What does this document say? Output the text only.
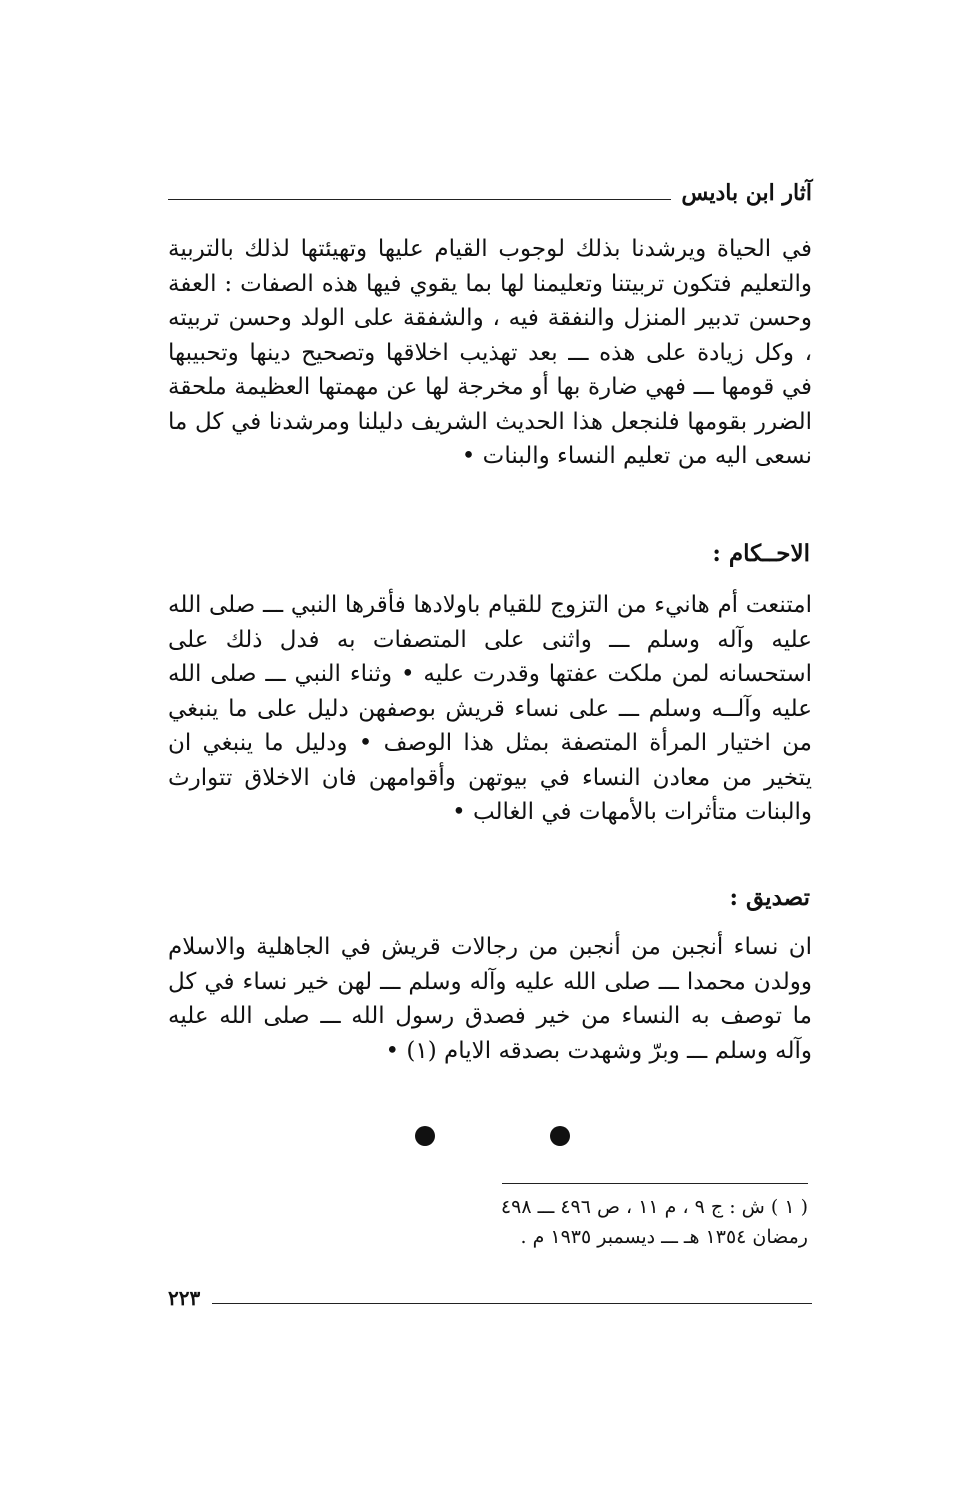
آثار ابن باديس

في الحياة ويرشدنا بذلك لوجوب القيام عليها وتهيئتها لذلك بالتربية والتعليم فتكون تربيتنا وتعليمنا لها بما يقوي فيها هذه الصفات : العفة وحسن تدبير المنزل والنفقة فيه ، والشفقة على الولد وحسن تربيته ، وكل زيادة على هذه ـــ بعد تهذيب اخلاقها وتصحيح دينها وتحبيبها في قومها ـــ فهي ضارة بها أو مخرجة لها عن مهمتها العظيمة ملحقة الضرر بقومها فلنجعل هذا الحديث الشريف دليلنا ومرشدنا في كل ما نسعى اليه من تعليم النساء والبنات •

الاحــكام :

امتنعت أم هانيء من التزوج للقيام باولادها فأقرها النبي ـــ صلى الله عليه وآله وسلم ـــ واثنى على المتصفات به فدل ذلك على استحسانه لمن ملكت عفتها وقدرت عليه • وثناء النبي ـــ صلى الله عليه وآلــه وسلم ـــ على نساء قريش بوصفهن دليل على ما ينبغي من اختيار المرأة المتصفة بمثل هذا الوصف • ودليل ما ينبغي ان يتخير من معادن النساء في بيوتهن وأقوامهن فان الاخلاق تتوارث والبنات متأثرات بالأمهات في الغالب •

تصديق :

ان نساء أنجبن من أنجبن من رجالات قريش في الجاهلية والاسلام وولدن محمدا ـــ صلى الله عليه وآله وسلم ـــ لهن خير نساء في كل ما توصف به النساء من خير فصدق رسول الله ـــ صلى الله عليه وآله وسلم ـــ وبرّ وشهدت بصدقه الايام (١) •

( ١ ) ش : ج ٩ ، م ١١ ، ص ٤٩٦ ـــ ٤٩٨
رمضان ١٣٥٤ هـ ـــ ديسمبر ١٩٣٥ م .
٢٢٣
